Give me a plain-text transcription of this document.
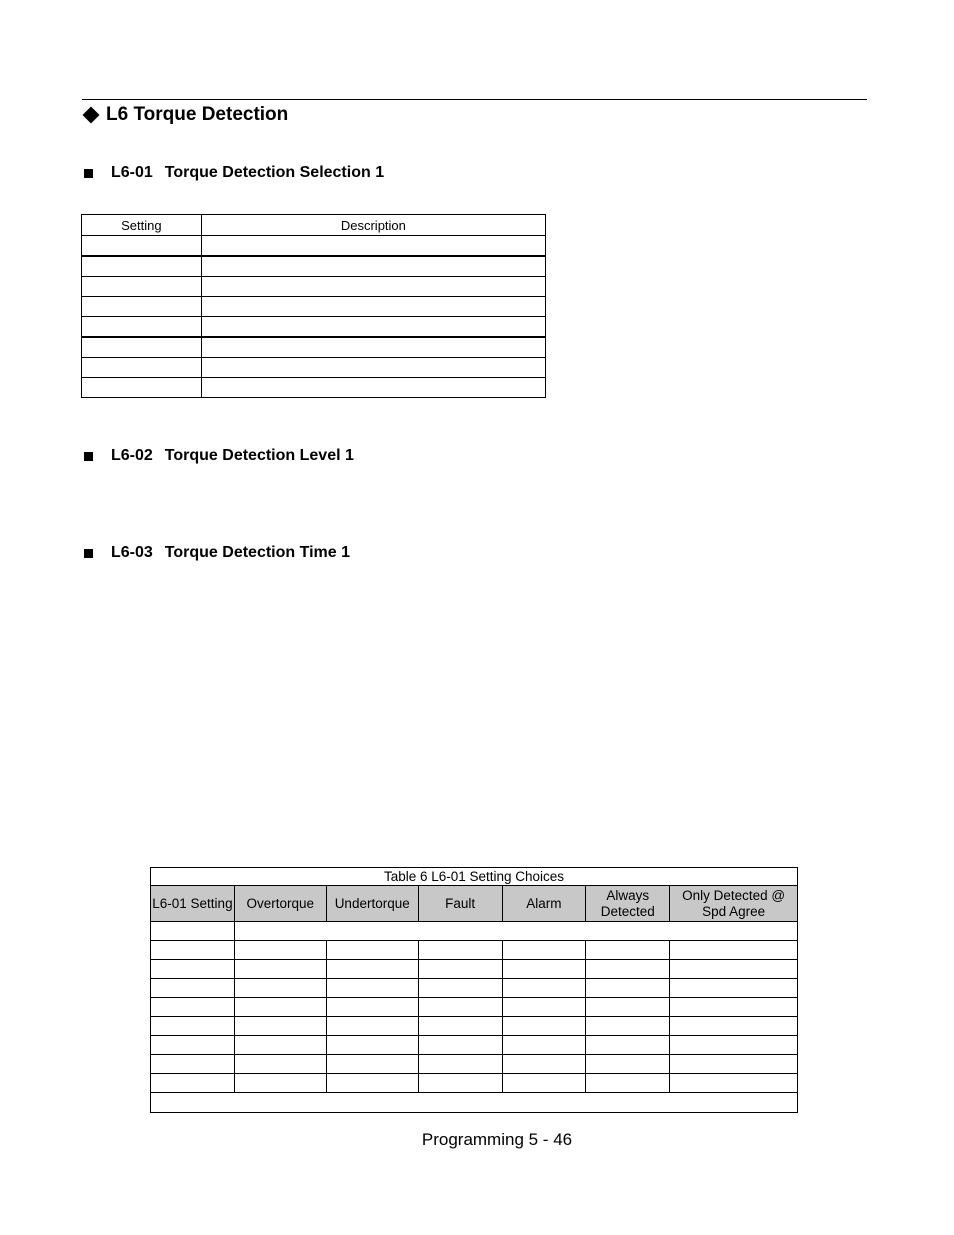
L6 Torque Detection
L6-01 Torque Detection Selection 1
Setting	Description

L6-02 Torque Detection Level 1
L6-03 Torque Detection Time 1
Table 6 L6-01 Setting Choices						
L6-01 Setting	Overtorque	Undertorque	Fault	Alarm	Always Detected	Only Detected @ Spd Agree

Programming 5 - 46
